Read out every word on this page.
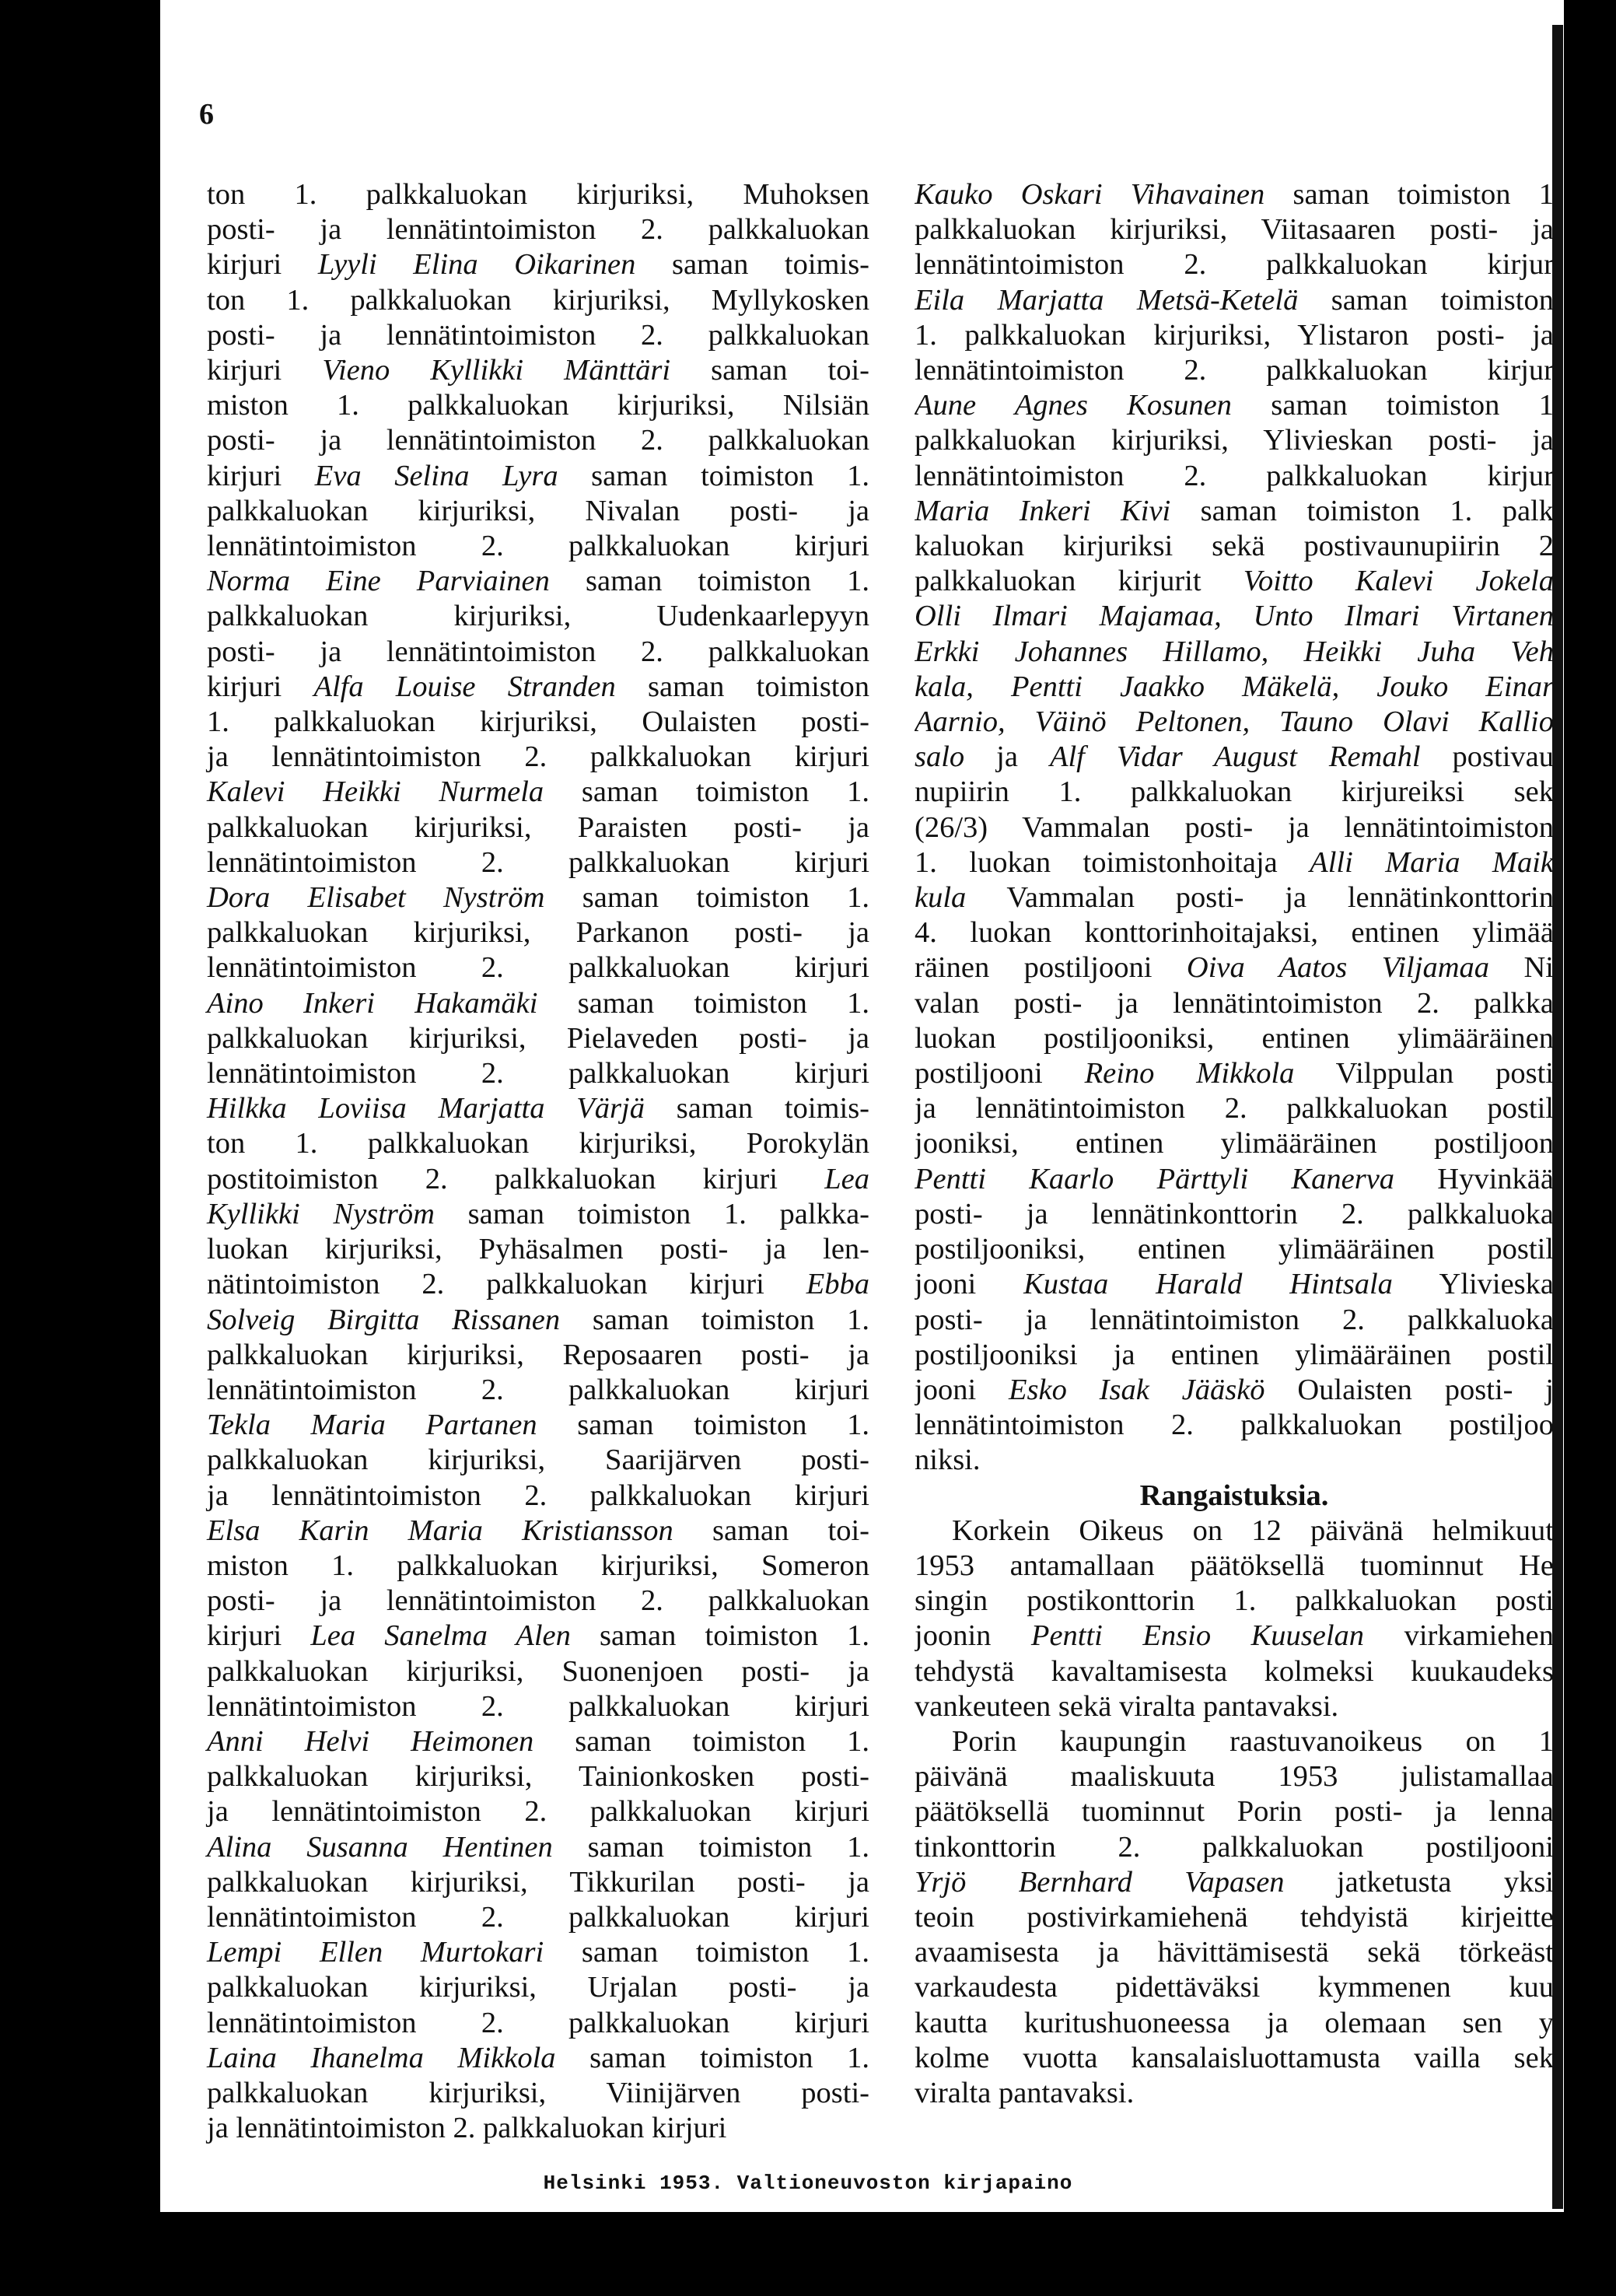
6
ton 1. palkkaluokan kirjuriksi, Muhoksen
posti- ja lennätintoimiston 2. palkkaluokan
kirjuri Lyyli Elina Oikarinen saman toimis-
ton 1. palkkaluokan kirjuriksi, Myllykosken
posti- ja lennätintoimiston 2. palkkaluokan
kirjuri Vieno Kyllikki Mänttäri saman toi-
miston 1. palkkaluokan kirjuriksi, Nilsiän
posti- ja lennätintoimiston 2. palkkaluokan
kirjuri Eva Selina Lyra saman toimiston 1.
palkkaluokan kirjuriksi, Nivalan posti- ja
lennätintoimiston 2. palkkaluokan kirjuri
Norma Eine Parviainen saman toimiston 1.
palkkaluokan kirjuriksi, Uudenkaarlepyyn
posti- ja lennätintoimiston 2. palkkaluokan
kirjuri Alfa Louise Stranden saman toimiston
1. palkkaluokan kirjuriksi, Oulaisten posti-
ja lennätintoimiston 2. palkkaluokan kirjuri
Kalevi Heikki Nurmela saman toimiston 1.
palkkaluokan kirjuriksi, Paraisten posti- ja
lennätintoimiston 2. palkkaluokan kirjuri
Dora Elisabet Nyström saman toimiston 1.
palkkaluokan kirjuriksi, Parkanon posti- ja
lennätintoimiston 2. palkkaluokan kirjuri
Aino Inkeri Hakamäki saman toimiston 1.
palkkaluokan kirjuriksi, Pielaveden posti- ja
lennätintoimiston 2. palkkaluokan kirjuri
Hilkka Loviisa Marjatta Värjä saman toimis-
ton 1. palkkaluokan kirjuriksi, Porokylän
postitoimiston 2. palkkaluokan kirjuri Lea
Kyllikki Nyström saman toimiston 1. palkka-
luokan kirjuriksi, Pyhäsalmen posti- ja len-
nätintoimiston 2. palkkaluokan kirjuri Ebba
Solveig Birgitta Rissanen saman toimiston 1.
palkkaluokan kirjuriksi, Reposaaren posti- ja
lennätintoimiston 2. palkkaluokan kirjuri
Tekla Maria Partanen saman toimiston 1.
palkkaluokan kirjuriksi, Saarijärven posti-
ja lennätintoimiston 2. palkkaluokan kirjuri
Elsa Karin Maria Kristiansson saman toi-
miston 1. palkkaluokan kirjuriksi, Someron
posti- ja lennätintoimiston 2. palkkaluokan
kirjuri Lea Sanelma Alen saman toimiston 1.
palkkaluokan kirjuriksi, Suonenjoen posti- ja
lennätintoimiston 2. palkkaluokan kirjuri
Anni Helvi Heimonen saman toimiston 1.
palkkaluokan kirjuriksi, Tainionkosken posti-
ja lennätintoimiston 2. palkkaluokan kirjuri
Alina Susanna Hentinen saman toimiston 1.
palkkaluokan kirjuriksi, Tikkurilan posti- ja
lennätintoimiston 2. palkkaluokan kirjuri
Lempi Ellen Murtokari saman toimiston 1.
palkkaluokan kirjuriksi, Urjalan posti- ja
lennätintoimiston 2. palkkaluokan kirjuri
Laina Ihanelma Mikkola saman toimiston 1.
palkkaluokan kirjuriksi, Viinijärven posti-
ja lennätintoimiston 2. palkkaluokan kirjuri
Kauko Oskari Vihavainen saman toimiston 1
palkkaluokan kirjuriksi, Viitasaaren posti- ja
lennätintoimiston 2. palkkaluokan kirjur
Eila Marjatta Metsä-Ketelä saman toimiston
1. palkkaluokan kirjuriksi, Ylistaron posti- ja
lennätintoimiston 2. palkkaluokan kirjur
Aune Agnes Kosunen saman toimiston 1
palkkaluokan kirjuriksi, Ylivieskan posti- ja
lennätintoimiston 2. palkkaluokan kirjur
Maria Inkeri Kivi saman toimiston 1. palk
kaluokan kirjuriksi sekä postivaunupiirin 2
palkkaluokan kirjurit Voitto Kalevi Jokela
Olli Ilmari Majamaa, Unto Ilmari Virtanen
Erkki Johannes Hillamo, Heikki Juha Veh
kala, Pentti Jaakko Mäkelä, Jouko Einar
Aarnio, Väinö Peltonen, Tauno Olavi Kallio
salo ja Alf Vidar August Remahl postivau
nupiirin 1. palkkaluokan kirjureiksi sek
(26/3) Vammalan posti- ja lennätintoimiston
1. luokan toimistonhoitaja Alli Maria Maik
kula Vammalan posti- ja lennätinkonttorin
4. luokan konttorinhoitajaksi, entinen ylimää
räinen postiljooni Oiva Aatos Viljamaa Ni
valan posti- ja lennätintoimiston 2. palkka
luokan postiljooniksi, entinen ylimääräinen
postiljooni Reino Mikkola Vilppulan posti
ja lennätintoimiston 2. palkkaluokan postil
jooniksi, entinen ylimääräinen postiljoon
Pentti Kaarlo Pärttyli Kanerva Hyvinkää
posti- ja lennätinkonttorin 2. palkkaluoka
postiljooniksi, entinen ylimääräinen postil
jooni Kustaa Harald Hintsala Ylivieska
posti- ja lennätintoimiston 2. palkkaluoka
postiljooniksi ja entinen ylimääräinen postil
jooni Esko Isak Jääskö Oulaisten posti- j
lennätintoimiston 2. palkkaluokan postiljoo
niksi.
Rangaistuksia.
Korkein Oikeus on 12 päivänä helmikuut
1953 antamallaan päätöksellä tuominnut He
singin postikonttorin 1. palkkaluokan posti
joonin Pentti Ensio Kuuselan virkamiehen
tehdystä kavaltamisesta kolmeksi kuukaudeks
vankeuteen sekä viralta pantavaksi.
Porin kaupungin raastuvanoikeus on 1
päivänä maaliskuuta 1953 julistamallaa
päätöksellä tuominnut Porin posti- ja lenna
tinkonttorin 2. palkkaluokan postiljooni
Yrjö Bernhard Vapasen jatketusta yksi
teoin postivirkamiehenä tehdyistä kirjeitte
avaamisesta ja hävittämisestä sekä törkeäst
varkaudesta pidettäväksi kymmenen kuu
kautta kuritushuoneessa ja olemaan sen y
kolme vuotta kansalaisluottamusta vailla sek
viralta pantavaksi.
Helsinki 1953. Valtioneuvoston kirjapaino
